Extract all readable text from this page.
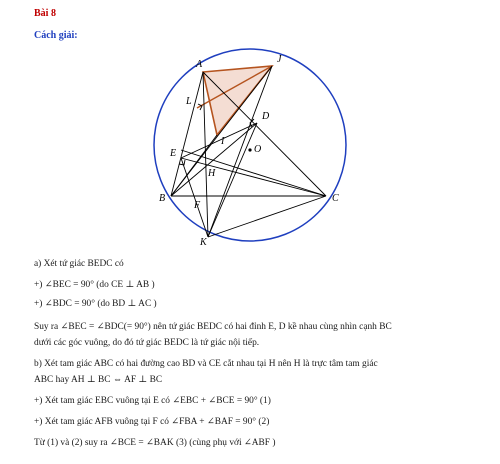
Bài 8
Cách giải:
A	J
L
D
I
O
E
H
B	C
F
K
a) Xét tứ giác BEDC có
+) ∠BEC = 90° (do CE ⊥ AB )
+) ∠BDC = 90° (do BD ⊥ AC )
Suy ra ∠BEC = ∠BDC(= 90°) nên tứ giác BEDC có hai đỉnh E, D kề nhau cùng nhìn cạnh BC
dưới các góc vuông, do đó tứ giác BEDC là tứ giác nội tiếp.
b) Xét tam giác ABC có hai đường cao BD và CE cắt nhau tại H nên H là trực tâm tam giác
ABC hay AH ⊥ BC ⇔ AF ⊥ BC
+) Xét tam giác EBC vuông tại E có ∠EBC + ∠BCE = 90° (1)
+) Xét tam giác AFB vuông tại F có ∠FBA + ∠BAF = 90° (2)
Từ (1) và (2) suy ra ∠BCE = ∠BAK (3) (cùng phụ với ∠ABF )
